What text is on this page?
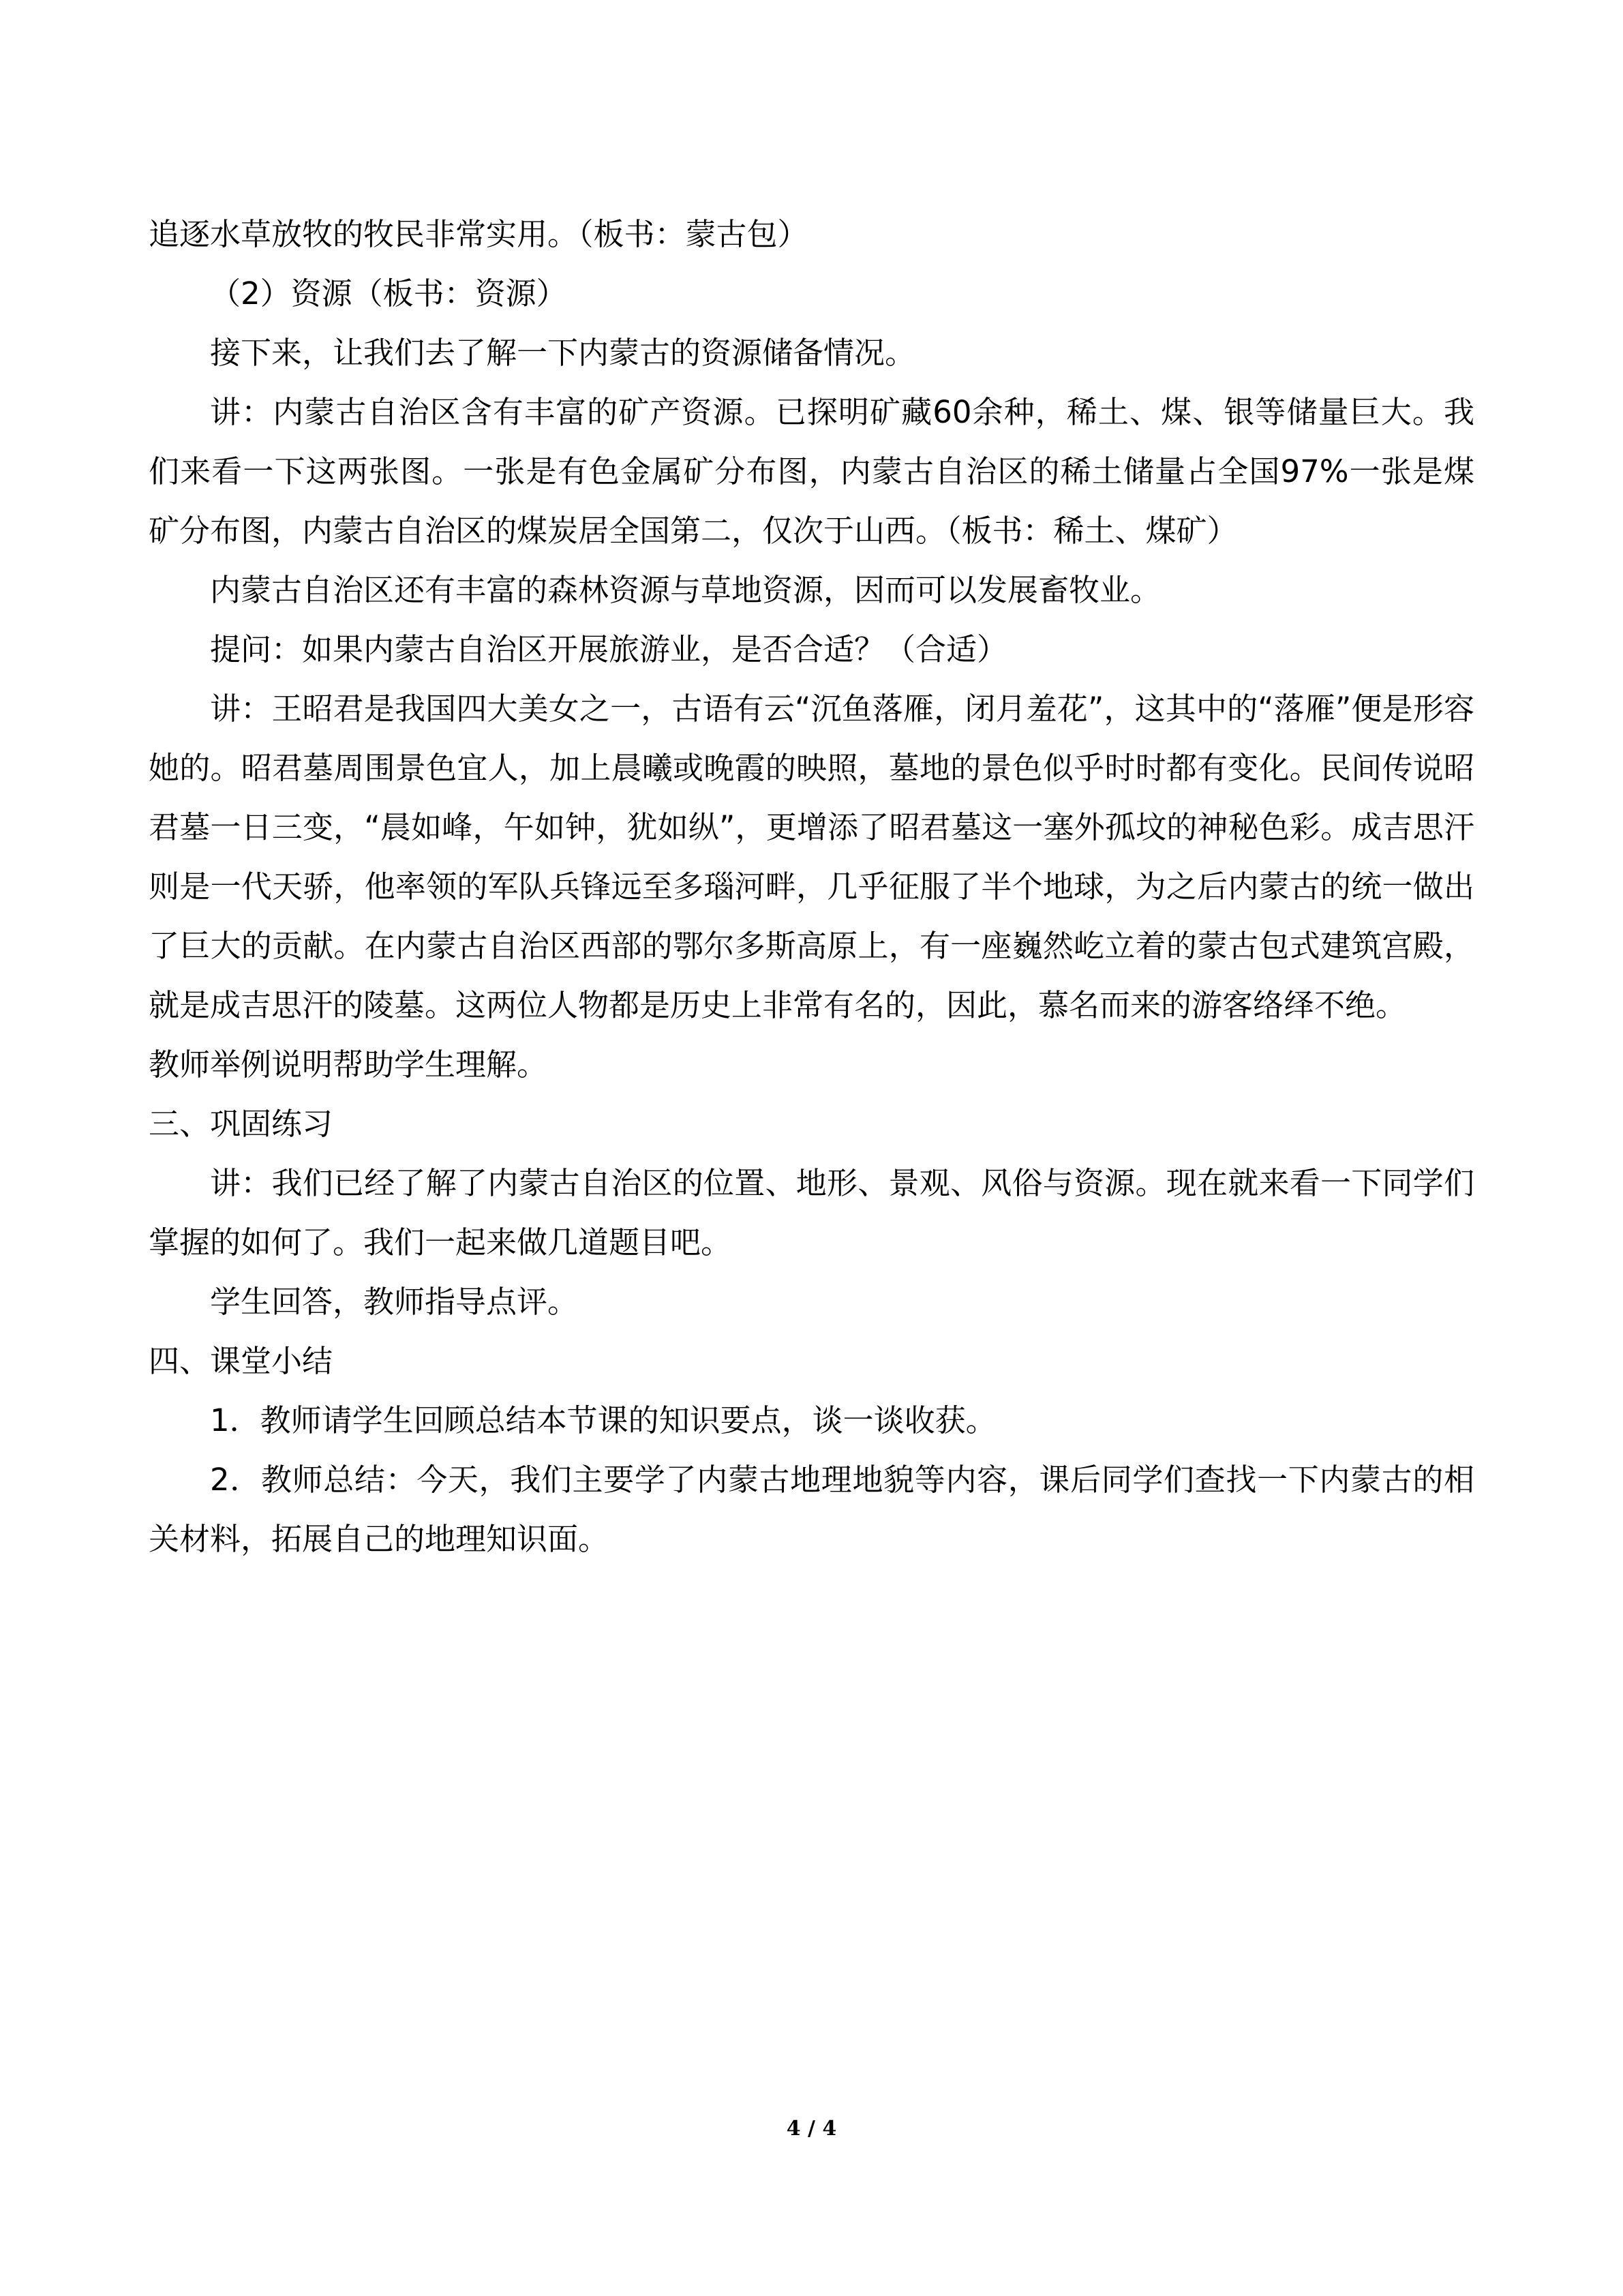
追逐水草放牧的牧民非常实用。（板书：蒙古包）

（2）资源（板书：资源）

接下来，让我们去了解一下内蒙古的资源储备情况。

讲：内蒙古自治区含有丰富的矿产资源。已探明矿藏60余种，稀土、煤、银等储量巨大。我们来看一下这两张图。一张是有色金属矿分布图，内蒙古自治区的稀土储量占全国97%一张是煤矿分布图，内蒙古自治区的煤炭居全国第二，仅次于山西。（板书：稀土、煤矿）

内蒙古自治区还有丰富的森林资源与草地资源，因而可以发展畜牧业。

提问：如果内蒙古自治区开展旅游业，是否合适？（合适）

讲：王昭君是我国四大美女之一，古语有云“沉鱼落雁，闭月羞花”，这其中的“落雁”便是形容她的。昭君墓周围景色宜人，加上晨曦或晚霞的映照，墓地的景色似乎时时都有变化。民间传说昭君墓一日三变，“晨如峰，午如钟，犹如纵”，更增添了昭君墓这一塞外孤坟的神秘色彩。成吉思汗则是一代天骄，他率领的军队兵锋远至多瑙河畔，几乎征服了半个地球，为之后内蒙古的统一做出了巨大的贡献。在内蒙古自治区西部的鄂尔多斯高原上，有一座巍然屹立着的蒙古包式建筑宫殿，就是成吉思汗的陵墓。这两位人物都是历史上非常有名的，因此，慕名而来的游客络绎不绝。

教师举例说明帮助学生理解。

三、巩固练习

讲：我们已经了解了内蒙古自治区的位置、地形、景观、风俗与资源。现在就来看一下同学们掌握的如何了。我们一起来做几道题目吧。

学生回答，教师指导点评。

四、课堂小结

1．教师请学生回顾总结本节课的知识要点，谈一谈收获。

2．教师总结：今天，我们主要学了内蒙古地理地貌等内容，课后同学们查找一下内蒙古的相关材料，拓展自己的地理知识面。

4 / 4
